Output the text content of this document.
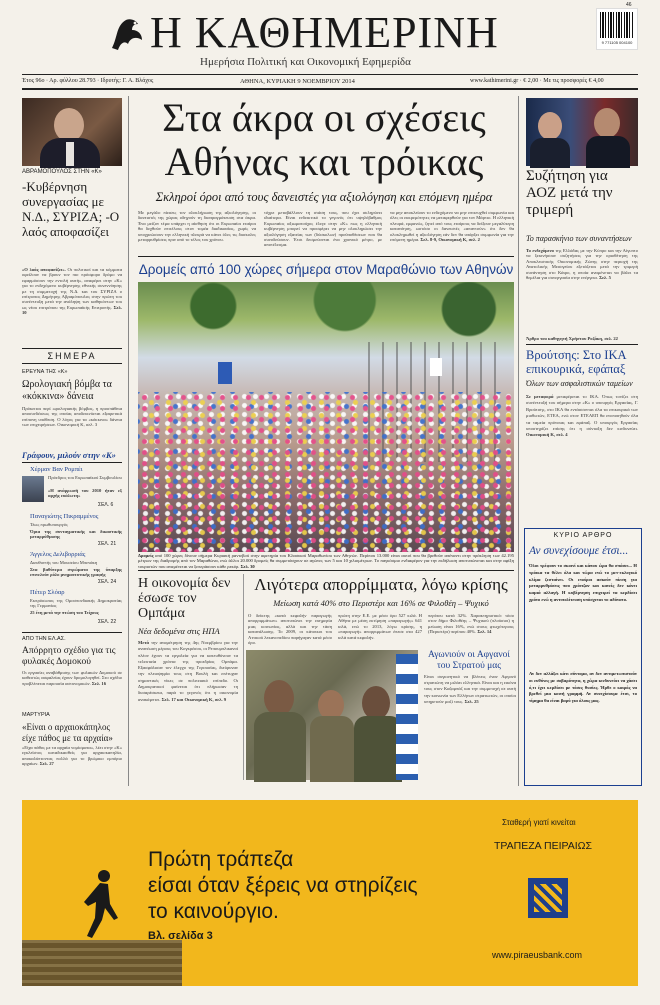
Η ΚΑΘΗΜΕΡΙΝΗ
Ημερήσια Πολιτική και Οικονομική Εφημερίδα
9 771105 004100
46
Έτος 96ο · Αρ. φύλλου 28.793 · Ιδρυτής: Γ. Α. Βλάχος	ΑΘΗΝΑ, ΚΥΡΙΑΚΗ 9 ΝΟΕΜΒΡΙΟΥ 2014	www.kathimerini.gr · € 2,00 · Με τις προσφορές € 4,00
ΑΒΡΑΜΟΠΟΥΛΟΣ ΣΤΗΝ «Κ»
-Κυβέρνηση συνεργασίας με Ν.Δ., ΣΥΡΙΖΑ; -Ο λαός αποφασίζει
«Ο λαός αποφασίζει». Οι πολιτικοί και τα κόμματα οφείλουν να βρουν τον πιο πρόσφορο δρόμο να εφαρμόσουν την εντολή αυτή», αναφέρει στην «Κ» για το ενδεχόμενο κυβέρνησης εθνικής συνεννόησης με τη συμμετοχή της Ν.Δ. και του ΣΥΡΙΖΑ ο επίτροπος Δημήτρης Αβραμόπουλος στην πρώτη του συνέντευξη μετά την ανάληψη των καθηκόντων του ως νέου επιτρόπου της Ευρωπαϊκής Επιτροπής. Σελ. 10
ΣΗΜΕΡΑ
ΕΡΕΥΝΑ ΤΗΣ «Κ»
Ωρολογιακή βόμβα τα «κόκκινα» δάνεια
Πρόκειται περί ωρολογιακής βόμβας, η προσπάθεια αποσυνδέσεως της οποίας αποδεικνύεται εξαιρετικά επίπονη υπόθεση. Ο λόγος για τα «κόκκινα» δάνεια των επιχειρήσεων. Οικονομική Κ, σελ. 3
Γράφουν, μιλούν στην «Κ»
Χέρμαν Βαν Ρομπέι
Πρόεδρος του Ευρωπαϊκού Συμβουλίου
«Η ανάρρωσή του 2010 ήταν εξ αρχής ευάλωτη»
ΣΕΛ. 6
Παναγιώτης Πικραμμένος
Τέως πρωθυπουργός
Όρια της συνταγματικής και δικαστικής μεταρρύθμισης
ΣΕΛ. 21
Άγγελος Δελιβορριάς
Διευθυντής του Μουσείου Μπενάκη
Στα βαθύτερα στρώματα της ύπαρξης επιτελούν ρόλο μνημονευτικής γραφής
ΣΕΛ. 24
Πέτερ Σλόαρ
Εκπρόσωπος της Ομοσπονδιακής Δημοκρατίας της Γερμανίας
25 έτη μετά την πτώση του Τείχους
ΣΕΛ. 22
ΑΠΟ ΤΗΝ ΕΛ.ΑΣ.
Απόρρητο σχέδιο για τις φυλακές Δομοκού
Οι εργασίες αναβάθμισης των φυλακών Δομοκού σε καθεστώς ασφαλείας έχουν δρομολογηθεί. Στο σχέδιο προβλέπεται παρουσία αστυνομικών. Σελ. 16
ΜΑΡΤΥΡΙΑ
«Είναι ο αρχαιοκάπηλος είχε πάθος με τα αρχαία»
«Είχα πάθος με τα αρχαία νομίσματα», λέει στην «Κ» εγκλεϊστος καταδικασθείς για αρχαιοκαπηλία, αποκαλύπτοντας πολλά για το βρώμικο εμπόριο αρχαίων. Σελ. 27
Στα άκρα οι σχέσεις
Αθήνας και τρόικας
Σκληροί όροι από τους δανειστές για αξιολόγηση και επόμενη ημέρα
Με μεγάλο πίεσεις τον ολοκλήρωση της αξιολόγησης, οι δανειστές της χώρας οδηγούν τη διαπραγμάτευση στα άκρα. Ένα μείζον τέμα υπάρχει η αίσθηση ότι οι Ευρωπαίοι εταίροι θα δεχθούν επιτέλους στον τομέα διαδικασίας, χωρίς να υποχρεώσουν την ελληνική πλευρά να κάνει όλες τις δυσκολες μεταρρυθμίσεις πριν από το τέλος του χρόνου.
τόχρε μεταβάλλουν τη στάση τους, που έχει σκληρύνει ιδιαίτερα. Είναι ενδεικτικό το γεγονός ότι υψηλόβαθμος Ευρωπαίος αξιωματούχος έλεγε στην «Κ» πως η ελληνική κυβέρνηση μπορεί να προσφέρει να μην ολοκληρώσει την αξιολόγηση εξαιτίας των (δύσκολων) προϋποθέσεων που θα συνοδεύσουν. Έτσι δεσμεύονται ένα χρονικό μέτρο, με αποτέλεσμα.
να μην αποκλείουν το ενδεχόμενο να μην επιτευχθεί συμφωνία και όλες οι εκκρεμότητες να μεταφερθούν για τον Μάρτιο. Η ελληνική πλευρά, εμφανώς, ζητεί από τους εταίρους να δείξουν μεγαλύτερη κατανόηση, ωστόσο οι δανειστές «απαντούν» ότι δεν θα ολοκληρωθεί η αξιολόγηση εάν δεν θα υπάρξει συμφωνία για την επόμενη ημέρα. Σελ. 8-9, Οικονομική Κ, σελ. 2
Δρομείς από 100 χώρες σήμερα στον Μαραθώνιο των Αθηνών
Δρομείς από 100 χώρες δίνουν σήμερα Κυριακή ραντεβού στην αφετηρία του Κλασικού Μαραθωνίου των Αθηνών. Περίπου 13.000 είναι αυτοί που θα βρεθούν απέναντι στην πρόκληση των 42.195 μέτρων της διαδρομής από τον Μαραθώνα, ενώ άλλοι 20.000 δρομείς θα συμμετάσχουν σε αγώνες των 5 και 10 χιλιομέτρων. Το παγκόσμιο ενδιαφέρον για την εκδήλωση αποτυπώνεται και στην αφίξη τουριστών που αναμένεται να ξεπεράσουν κάθε ρεκόρ. Σελ. 30
Η οικονομία δεν έσωσε τον Ομπάμα
Νέα δεδομένα στις ΗΠΑ
Μετά την αναμέτρηση της 4ης Νοεμβρίου για την ανανέωση μέρους του Κογκρέσου, οι Ρεπουμπλικανοί πλέον έχουν τα εργαλεία για να κατευθύνουν τα τελευταία χρόνια της προεδρίας Ομπάμα. Εξασφάλισαν τον έλεγχο της Γερουσίας, διεύρυναν την πλειοψηφία τους στη Βουλή και επέτυχαν σημαντικές νίκες σε πολιτειακό επίπεδο. Οι Δημοκρατικοί φαίνεται ότι πλήρωσαν τη δυσαρέσκεια, παρά το γεγονός ότι η οικονομία ανακάμπτει. Σελ. 17 και Οικονομική Κ, σελ. 9
Λιγότερα απορρίμματα, λόγω κρίσης
Μείωση κατά 40% στο Περιστέρι και 16% σε Φιλοθέη – Ψυχικό
Ο δείκτης «κατά κεφαλήν παραγωγής απορριμμάτων» αποτυπώνει την ευημερία μιας κοινωνίας, αλλά και την τάση κατανάλωσης. Το 2009, οι κάτοικοι του Αττικού λεκανοπεδίου παρήγαγαν κατά μέσο όρο.
πρώτη στην Ε.Ε. με μέσο όρο 527 κιλά. Η Αθήνα με μέση εκτίμηση «παραγωγής» 641 κιλά, ενώ το 2013, λόγω κρίσης, η «παραγωγή» απορριμμάτων έπεσε στα 427 κιλά κατά κεφαλήν.
περίπου κατά 32%. Χαρακτηριστικό: τόσο στον δήμο Φιλοθέης – Ψυχικού (πλούσιοι) η μείωση είναι 16%, ενώ στους φτωχότερους (Περιστέρι) περίπου 40%. Σελ. 14
Αγωνιούν οι Αφγανοί του Στρατού μας
Είναι συγκινητικό να βλέπεις έναν Αφγανό στρατιώτη να μιλάει ελληνικά. Είναι και η εικόνα τους στον Καζαμπάζ και την συμμετοχή σε αυτή την κοινωνία των Ελλήνων στρατιωτών, οι οποίοι υπηρετούν μαζί τους. Σελ. 25
Συζήτηση για ΑΟΖ μετά την τριμερή
Το παρασκήνιο των συναντήσεων
Το ενδεχόμενο της Ελλάδας με την Κύπρο και την Αίγυπτο να ξεκινήσουν συζητήσεις για την οριοθέτηση της Αποκλειστικής Οικονομικής Ζώνης στην περιοχή της Ανατολικής Μεσογείου εξετάζεται μετά την τριμερή συνάντηση στο Κάιρο, η οποία αναμένεται να βάλει τα θεμέλια για συνεργασία στην ενέργεια. Σελ. 5
Άρθρο του καθηγητή Χρήστου Ροζάκη, σελ. 22
Βρούτσης: Στο ΙΚΑ επικουρικά, εφάπαξ
Όλων των ασφαλιστικών ταμείων
Σε μεταφορά μεταφέρεται το ΙΚΑ. Όπως τονίζει στη συνέντευξή του σήμερα στην «Κ» ο υπουργός Εργασίας, Γ. Βρούτσης, στο ΙΚΑ θα εντάσσονται όλα τα επικουρικά των μισθωτών, ΕΤΕΑ, ενώ στον ΕΤΕΑΕΠ θα ενοποιηθούν όλα τα ταμεία πρόνοιας και εφάπαξ. Ο υπουργός Εργασίας υποστηρίζει επίσης ότι η σύνταξη δεν κινδυνεύει. Οικονομική Κ, σελ. 4
ΚΥΡΙΟ ΑΡΘΡΟ
Αν συνεχίσουμε έτσι...
Όλοι τρέφουν το σκοινί και κάπου ώρα θα σπάσει... Η τρόικα τα θέλει όλα και τώρα ενώ το μετ-εκλογικό κλίμα ζεσταίνει. Οι εταίροι ασκούν πίεση για μεταρρυθμίσεις που χρόνιζαν και κανείς δεν κάνει καμιά αλλαγή. Η κυβέρνηση επιχειρεί να κερδίσει χρόνο ενώ η αντιπολίτευση υπόσχεται το αδύνατο.
Αν δεν αλλάξει κάτι σύντομα, αν δεν αντιμετωπιστούν οι ευθύνες με σοβαρότητα, η χώρα κινδυνεύει να χάσει ό,τι έχει κερδίσει με τόσες θυσίες. Ήρθε ο καιρός να βρεθεί μια κοινή γραμμή. Αν συνεχίσουμε έτσι, το τίμημα θα είναι βαρύ για όλους μας.
Πρώτη τράπεζα
είσαι όταν ξέρεις να στηρίζεις
το καινούργιο.
Βλ. σελίδα 3
Σταθερή γιατί κινείται
ΤΡΑΠΕΖΑ ΠΕΙΡΑΙΩΣ
www.piraeusbank.com
